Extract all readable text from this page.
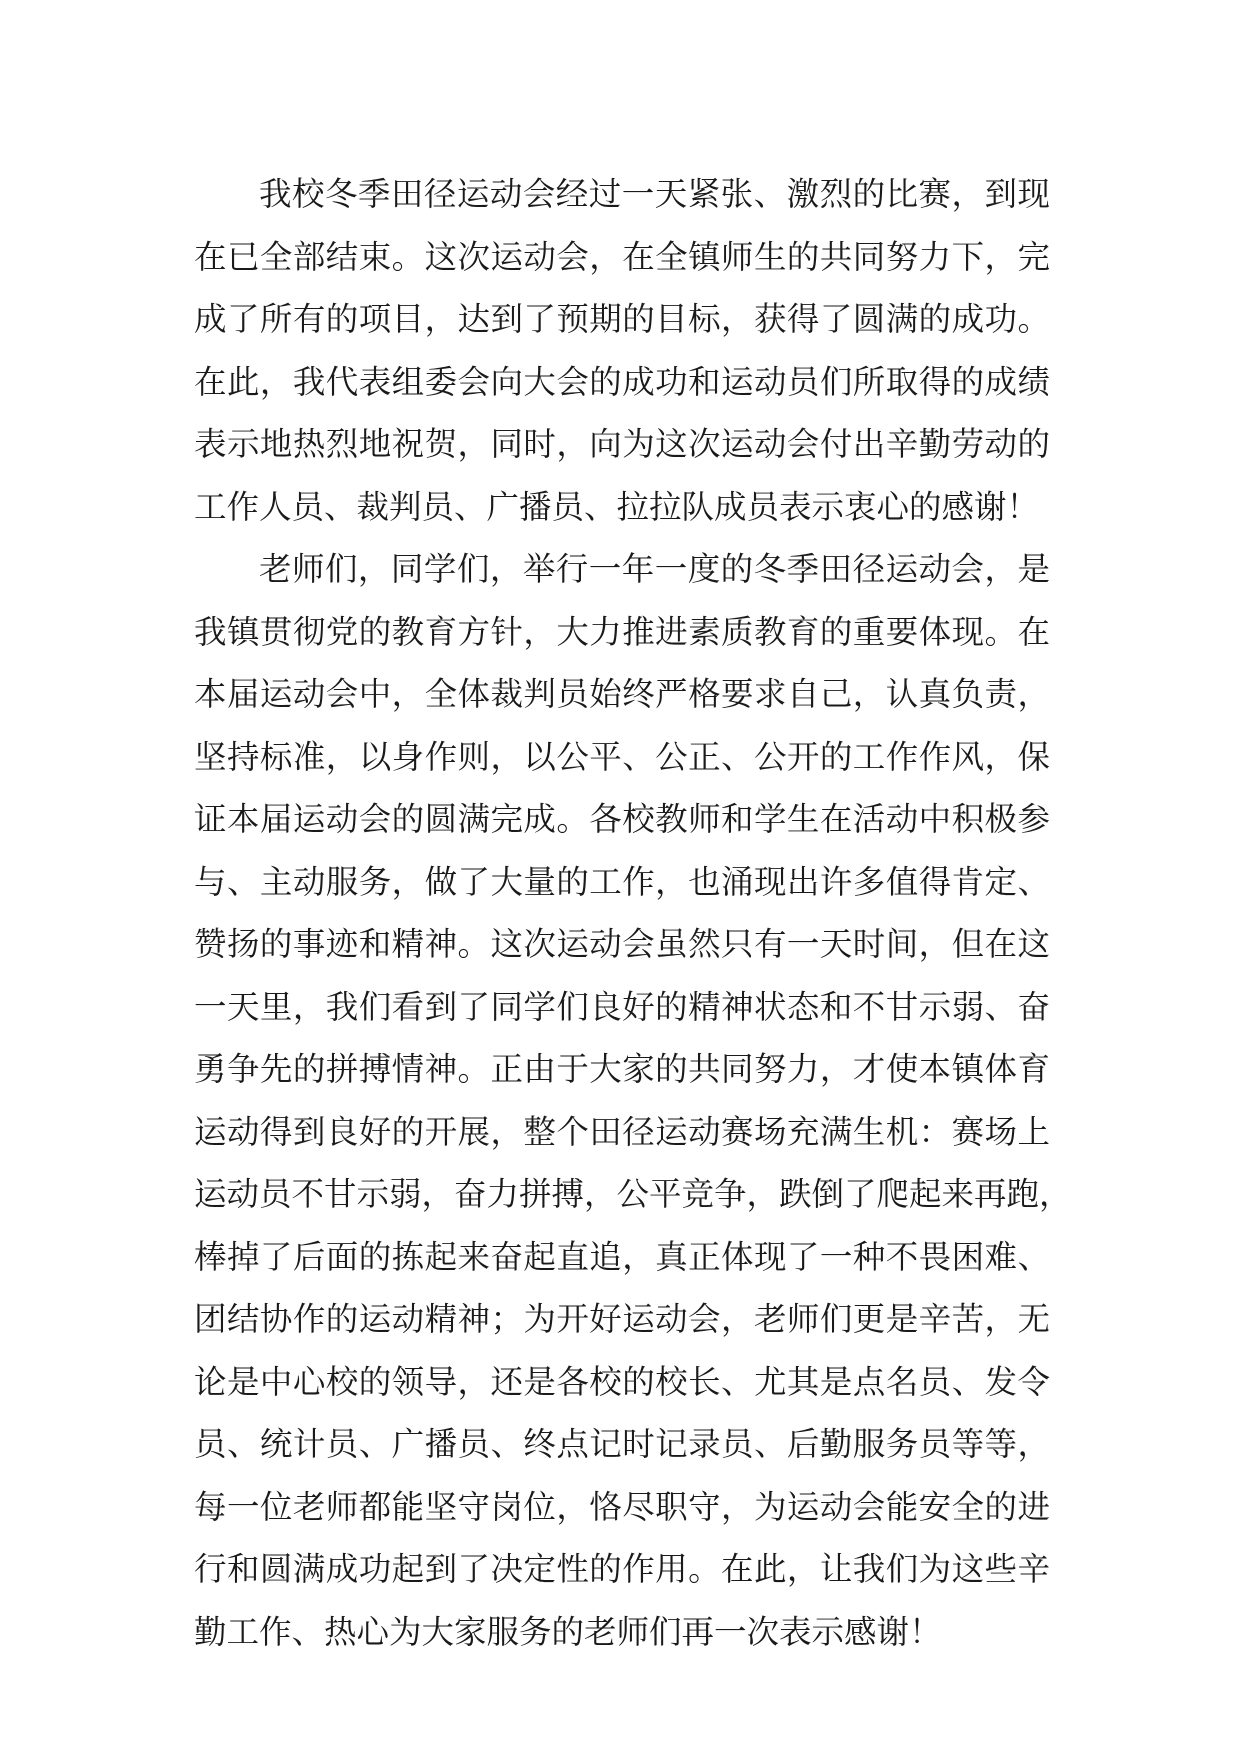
我校冬季田径运动会经过一天紧张、激烈的比赛，到现
在已全部结束。这次运动会，在全镇师生的共同努力下，完
成了所有的项目，达到了预期的目标，获得了圆满的成功。
在此，我代表组委会向大会的成功和运动员们所取得的成绩
表示地热烈地祝贺，同时，向为这次运动会付出辛勤劳动的
工作人员、裁判员、广播员、拉拉队成员表示衷心的感谢！
老师们，同学们，举行一年一度的冬季田径运动会，是
我镇贯彻党的教育方针，大力推进素质教育的重要体现。在
本届运动会中，全体裁判员始终严格要求自己，认真负责，
坚持标准，以身作则，以公平、公正、公开的工作作风，保
证本届运动会的圆满完成。各校教师和学生在活动中积极参
与、主动服务，做了大量的工作，也涌现出许多值得肯定、
赞扬的事迹和精神。这次运动会虽然只有一天时间，但在这
一天里，我们看到了同学们良好的精神状态和不甘示弱、奋
勇争先的拼搏情神。正由于大家的共同努力，才使本镇体育
运动得到良好的开展，整个田径运动赛场充满生机：赛场上
运动员不甘示弱，奋力拼搏，公平竞争，跌倒了爬起来再跑，
棒掉了后面的拣起来奋起直追，真正体现了一种不畏困难、
团结协作的运动精神；为开好运动会，老师们更是辛苦，无
论是中心校的领导，还是各校的校长、尤其是点名员、发令
员、统计员、广播员、终点记时记录员、后勤服务员等等，
每一位老师都能坚守岗位，恪尽职守，为运动会能安全的进
行和圆满成功起到了决定性的作用。在此，让我们为这些辛
勤工作、热心为大家服务的老师们再一次表示感谢！
